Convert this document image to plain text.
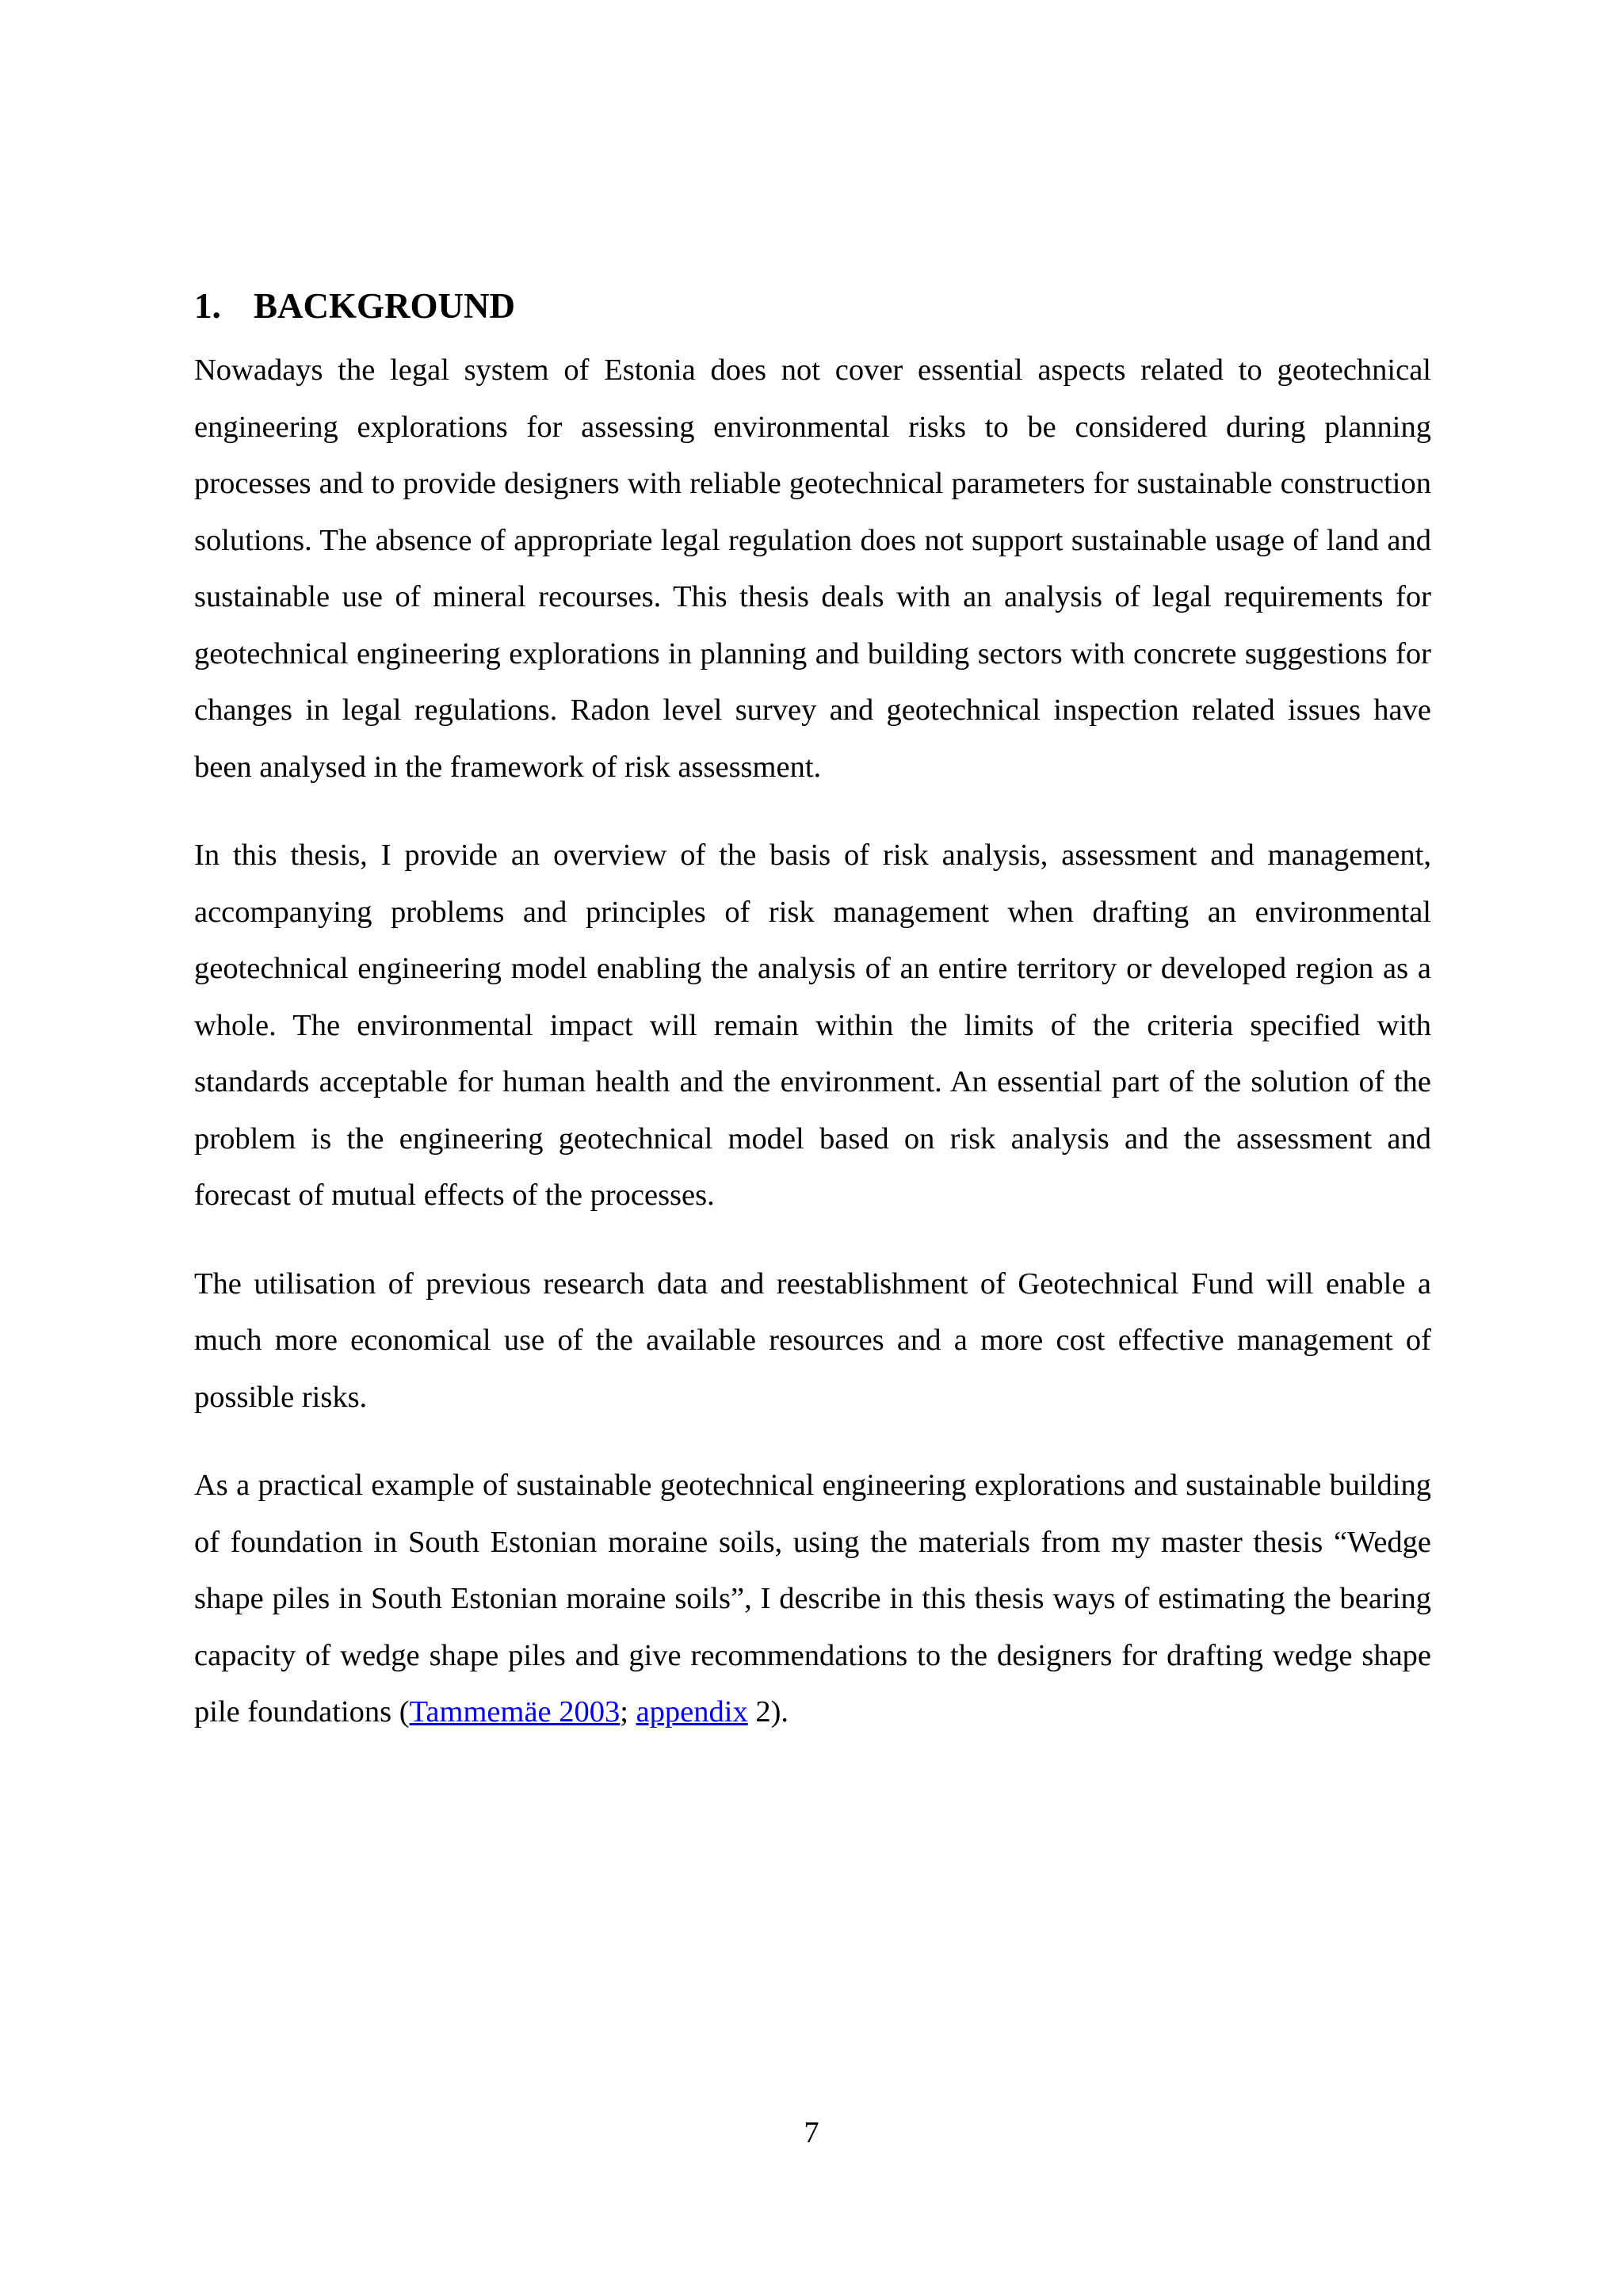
1. BACKGROUND

Nowadays the legal system of Estonia does not cover essential aspects related to geotechnical engineering explorations for assessing environmental risks to be considered during planning processes and to provide designers with reliable geotechnical parameters for sustainable construction solutions. The absence of appropriate legal regulation does not support sustainable usage of land and sustainable use of mineral recourses. This thesis deals with an analysis of legal requirements for geotechnical engineering explorations in planning and building sectors with concrete suggestions for changes in legal regulations. Radon level survey and geotechnical inspection related issues have been analysed in the framework of risk assessment.

In this thesis, I provide an overview of the basis of risk analysis, assessment and management, accompanying problems and principles of risk management when drafting an environmental geotechnical engineering model enabling the analysis of an entire territory or developed region as a whole. The environmental impact will remain within the limits of the criteria specified with standards acceptable for human health and the environment. An essential part of the solution of the problem is the engineering geotechnical model based on risk analysis and the assessment and forecast of mutual effects of the processes.

The utilisation of previous research data and reestablishment of Geotechnical Fund will enable a much more economical use of the available resources and a more cost effective management of possible risks.

As a practical example of sustainable geotechnical engineering explorations and sustainable building of foundation in South Estonian moraine soils, using the materials from my master thesis “Wedge shape piles in South Estonian moraine soils”, I describe in this thesis ways of estimating the bearing capacity of wedge shape piles and give recommendations to the designers for drafting wedge shape pile foundations (Tammemäe 2003; appendix 2).

7
